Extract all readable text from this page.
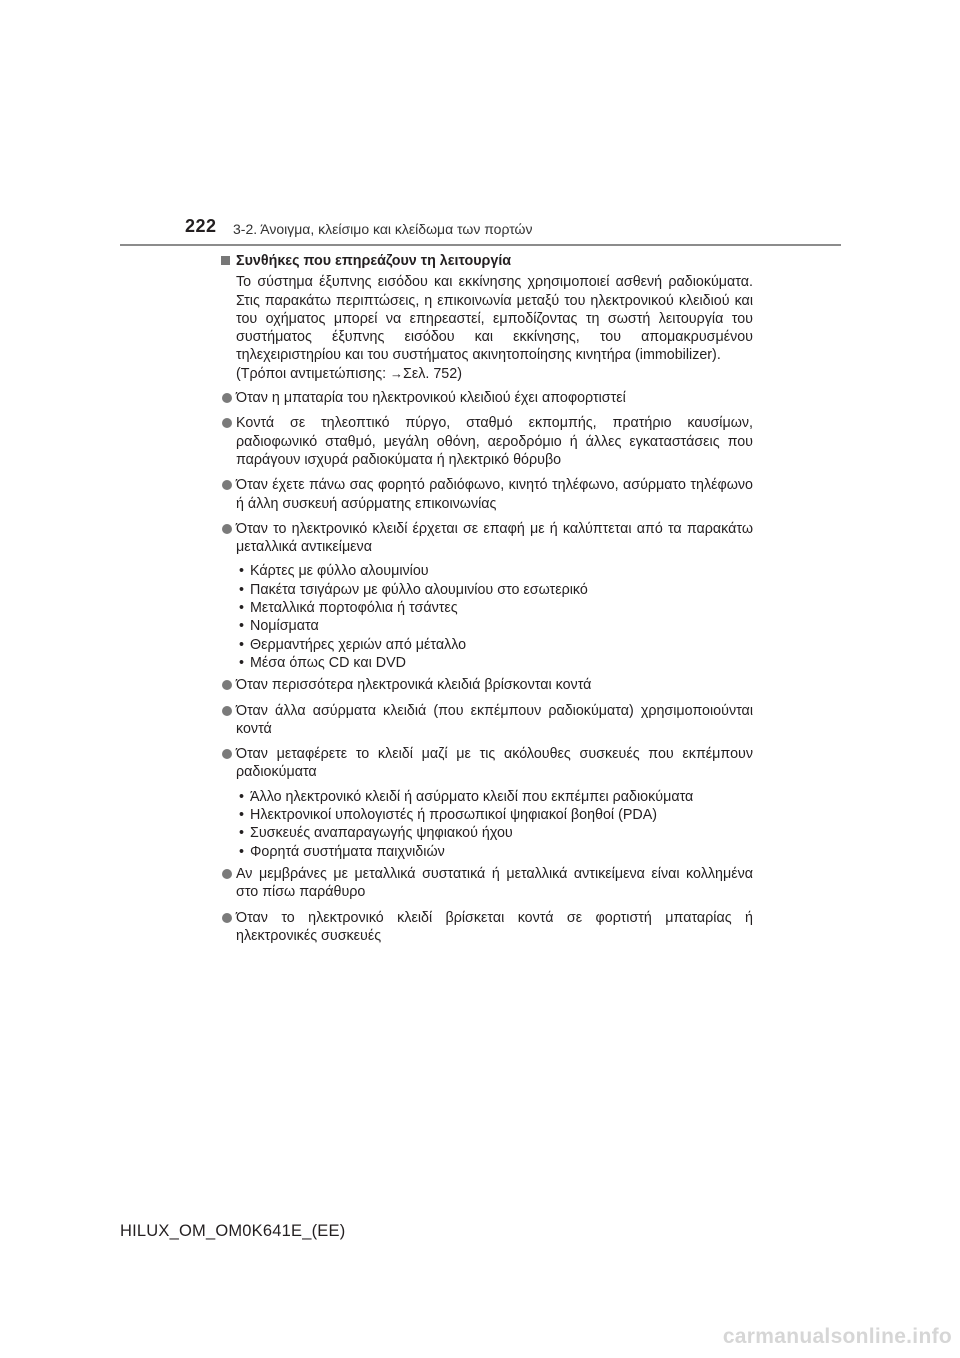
222 3-2. Άνοιγμα, κλείσιμο και κλείδωμα των πορτών
Συνθήκες που επηρεάζουν τη λειτουργία
Το σύστημα έξυπνης εισόδου και εκκίνησης χρησιμοποιεί ασθενή ραδιοκύματα. Στις παρακάτω περιπτώσεις, η επικοινωνία μεταξύ του ηλεκτρονικού κλειδιού και του οχήματος μπορεί να επηρεαστεί, εμποδίζοντας τη σωστή λειτουργία του συστήματος έξυπνης εισόδου και εκκίνησης, του απομακρυσμένου τηλεχειριστηρίου και του συστήματος ακινητοποίησης κινητήρα (immobilizer).
(Τρόποι αντιμετώπισης: →Σελ. 752)
Όταν η μπαταρία του ηλεκτρονικού κλειδιού έχει αποφορτιστεί
Κοντά σε τηλεοπτικό πύργο, σταθμό εκπομπής, πρατήριο καυσίμων, ραδιοφωνικό σταθμό, μεγάλη οθόνη, αεροδρόμιο ή άλλες εγκαταστάσεις που παράγουν ισχυρά ραδιοκύματα ή ηλεκτρικό θόρυβο
Όταν έχετε πάνω σας φορητό ραδιόφωνο, κινητό τηλέφωνο, ασύρματο τηλέφωνο ή άλλη συσκευή ασύρματης επικοινωνίας
Όταν το ηλεκτρονικό κλειδί έρχεται σε επαφή με ή καλύπτεται από τα παρακάτω μεταλλικά αντικείμενα
• Κάρτες με φύλλο αλουμινίου
• Πακέτα τσιγάρων με φύλλο αλουμινίου στο εσωτερικό
• Μεταλλικά πορτοφόλια ή τσάντες
• Νομίσματα
• Θερμαντήρες χεριών από μέταλλο
• Μέσα όπως CD και DVD
Όταν περισσότερα ηλεκτρονικά κλειδιά βρίσκονται κοντά
Όταν άλλα ασύρματα κλειδιά (που εκπέμπουν ραδιοκύματα) χρησιμοποιούνται κοντά
Όταν μεταφέρετε το κλειδί μαζί με τις ακόλουθες συσκευές που εκπέμπουν ραδιοκύματα
• Άλλο ηλεκτρονικό κλειδί ή ασύρματο κλειδί που εκπέμπει ραδιοκύματα
• Ηλεκτρονικοί υπολογιστές ή προσωπικοί ψηφιακοί βοηθοί (PDA)
• Συσκευές αναπαραγωγής ψηφιακού ήχου
• Φορητά συστήματα παιχνιδιών
Αν μεμβράνες με μεταλλικά συστατικά ή μεταλλικά αντικείμενα είναι κολλημένα στο πίσω παράθυρο
Όταν το ηλεκτρονικό κλειδί βρίσκεται κοντά σε φορτιστή μπαταρίας ή ηλεκτρονικές συσκευές
HILUX_OM_OM0K641E_(EE)
carmanualsonline.info
